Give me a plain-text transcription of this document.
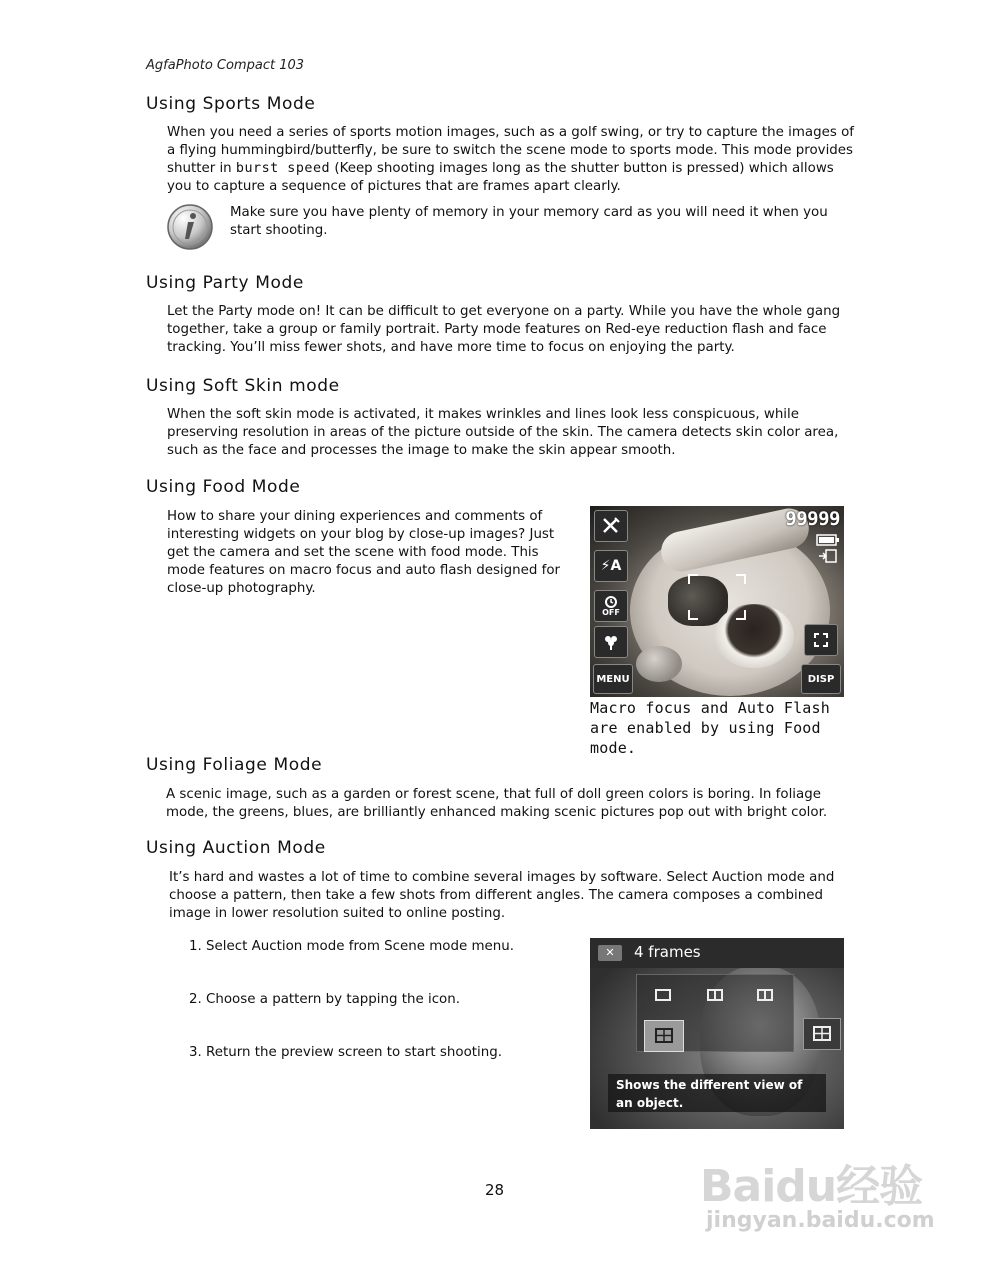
AgfaPhoto Compact 103
Using Sports Mode
When you need a series of sports motion images, such as a golf swing, or try to capture the images of a flying hummingbird/butterfly, be sure to switch the scene mode to sports mode. This mode provides shutter in burst speed (Keep shooting images long as the shutter button is pressed) which allows you to capture a sequence of pictures that are frames apart clearly.
Make sure you have plenty of memory in your memory card as you will need it when you start shooting.
Using Party Mode
Let the Party mode on! It can be difficult to get everyone on a party. While you have the whole gang together, take a group or family portrait. Party mode features on Red-eye reduction flash and face tracking. You’ll miss fewer shots, and have more time to focus on enjoying the party.
Using Soft Skin mode
When the soft skin mode is activated, it makes wrinkles and lines look less conspicuous, while preserving resolution in areas of the picture outside of the skin. The camera detects skin color area, such as the face and processes the image to make the skin appear smooth.
Using Food Mode
How to share your dining experiences and comments of interesting widgets on your blog by close-up images? Just get the camera and set the scene with food mode. This mode features on macro focus and auto flash designed for close-up photography.
⚡A
OFF
MENU	DISP
99999
Macro focus and Auto Flash are enabled by using Food mode.
Using Foliage Mode
A scenic image, such as a garden or forest scene, that full of doll green colors is boring. In foliage mode, the greens, blues, are brilliantly enhanced making scenic pictures pop out with bright color.
Using Auction Mode
It’s hard and wastes a lot of time to combine several images by software. Select Auction mode and choose a pattern, then take a few shots from different angles. The camera composes a combined image in lower resolution suited to online posting.
1. Select Auction mode from Scene mode menu.
2. Choose a pattern by tapping the icon.
3. Return the preview screen to start shooting.
✕	4 frames
Shows the different view of an object.
28	Baidu经验
jingyan.baidu.com
